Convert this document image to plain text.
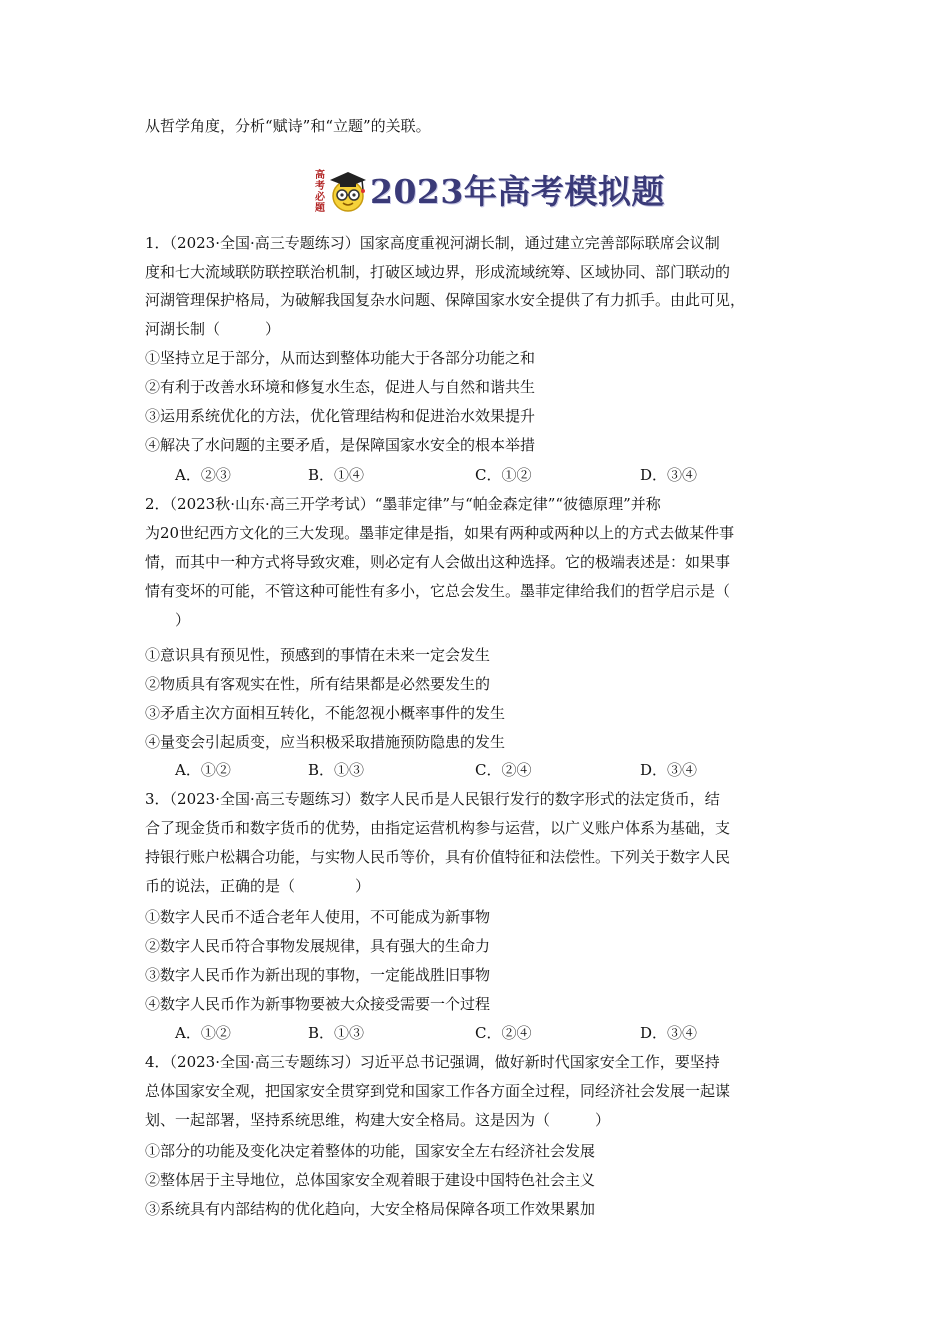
从哲学角度，分析“赋诗”和“立题”的关联。
高考必题 2023年高考模拟题
1．（2023·全国·高三专题练习）国家高度重视河湖长制，通过建立完善部际联席会议制
度和七大流域联防联控联治机制，打破区域边界，形成流域统筹、区域协同、部门联动的
河湖管理保护格局，为破解我国复杂水问题、保障国家水安全提供了有力抓手。由此可见，
河湖长制（　　　）
①坚持立足于部分，从而达到整体功能大于各部分功能之和
②有利于改善水环境和修复水生态，促进人与自然和谐共生
③运用系统优化的方法，优化管理结构和促进治水效果提升
④解决了水问题的主要矛盾，是保障国家水安全的根本举措
A．②③	B．①④	C．①②	D．③④
2．（2023秋·山东·高三开学考试）“墨菲定律”与“帕金森定律”“彼德原理”并称
为20世纪西方文化的三大发现。墨菲定律是指，如果有两种或两种以上的方式去做某件事
情，而其中一种方式将导致灾难，则必定有人会做出这种选择。它的极端表述是：如果事
情有变坏的可能，不管这种可能性有多小，它总会发生。墨菲定律给我们的哲学启示是（
　　）
①意识具有预见性，预感到的事情在未来一定会发生
②物质具有客观实在性，所有结果都是必然要发生的
③矛盾主次方面相互转化，不能忽视小概率事件的发生
④量变会引起质变，应当积极采取措施预防隐患的发生
A．①②	B．①③	C．②④	D．③④
3．（2023·全国·高三专题练习）数字人民币是人民银行发行的数字形式的法定货币，结
合了现金货币和数字货币的优势，由指定运营机构参与运营，以广义账户体系为基础，支
持银行账户松耦合功能，与实物人民币等价，具有价值特征和法偿性。下列关于数字人民
币的说法，正确的是（　　　　）
①数字人民币不适合老年人使用，不可能成为新事物
②数字人民币符合事物发展规律，具有强大的生命力
③数字人民币作为新出现的事物，一定能战胜旧事物
④数字人民币作为新事物要被大众接受需要一个过程
A．①②	B．①③	C．②④	D．③④
4．（2023·全国·高三专题练习）习近平总书记强调，做好新时代国家安全工作，要坚持
总体国家安全观，把国家安全贯穿到党和国家工作各方面全过程，同经济社会发展一起谋
划、一起部署，坚持系统思维，构建大安全格局。这是因为（　　　）
①部分的功能及变化决定着整体的功能，国家安全左右经济社会发展
②整体居于主导地位，总体国家安全观着眼于建设中国特色社会主义
③系统具有内部结构的优化趋向，大安全格局保障各项工作效果累加
